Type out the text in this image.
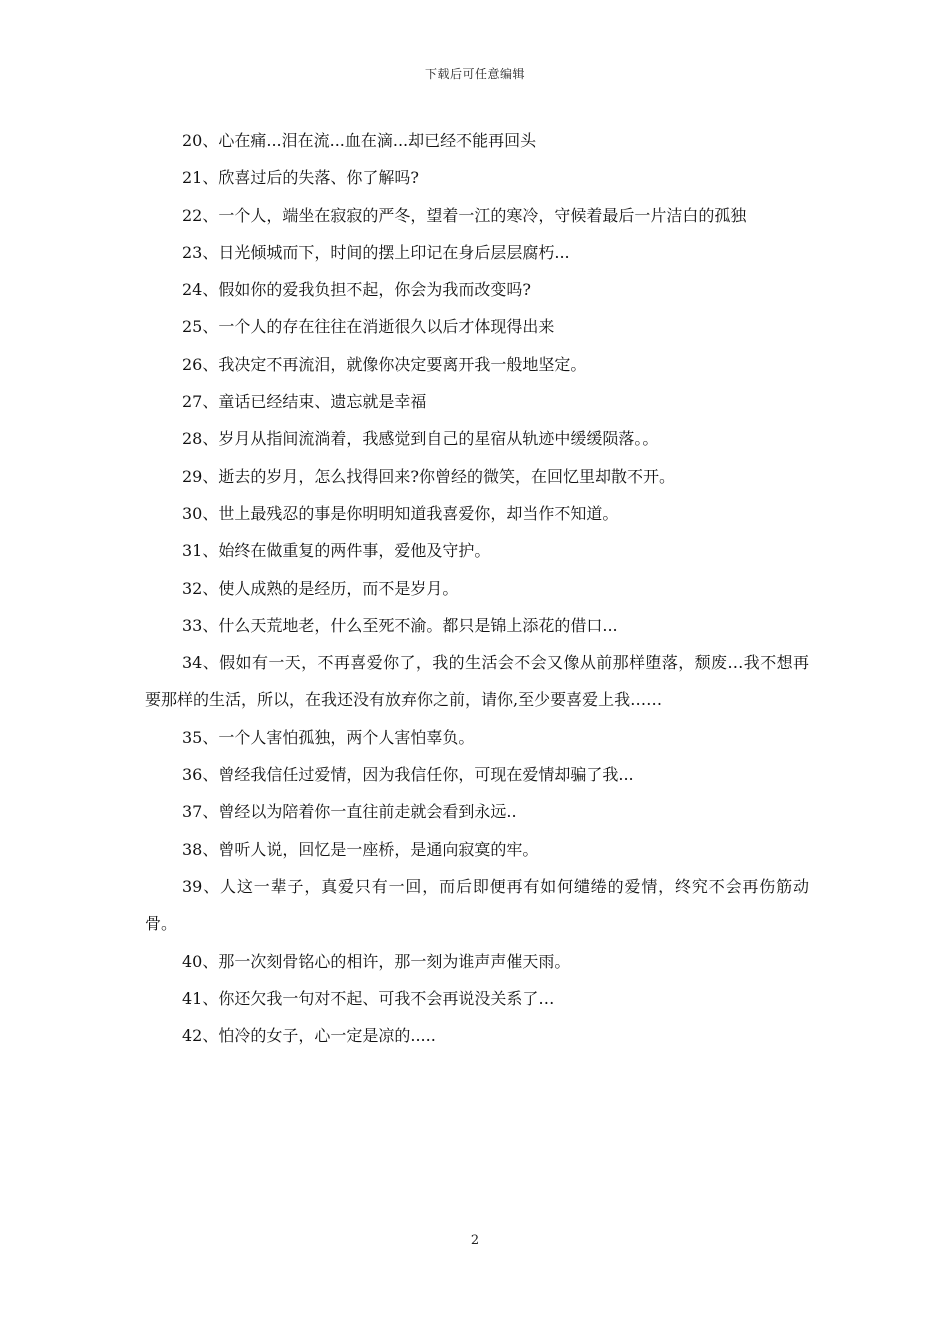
下载后可任意编辑

20、心在痛...泪在流...血在滴...却已经不能再回头

21、欣喜过后的失落、你了解吗?

22、一个人，端坐在寂寂的严冬，望着一江的寒冷，守候着最后一片洁白的孤独

23、日光倾城而下，时间的摆上印记在身后层层腐朽...

24、假如你的爱我负担不起，你会为我而改变吗?

25、一个人的存在往往在消逝很久以后才体现得出来

26、我决定不再流泪，就像你决定要离开我一般地坚定。

27、童话已经结束、遗忘就是幸福

28、岁月从指间流淌着，我感觉到自己的星宿从轨迹中缓缓陨落。。

29、逝去的岁月，怎么找得回来?你曾经的微笑，在回忆里却散不开。

30、世上最残忍的事是你明明知道我喜爱你，却当作不知道。

31、始终在做重复的两件事，爱他及守护。

32、使人成熟的是经历，而不是岁月。

33、什么天荒地老，什么至死不渝。都只是锦上添花的借口...

34、假如有一天，不再喜爱你了，我的生活会不会又像从前那样堕落，颓废…我不想再要那样的生活，所以，在我还没有放弃你之前，请你,至少要喜爱上我……

35、一个人害怕孤独，两个人害怕辜负。

36、曾经我信任过爱情，因为我信任你，可现在爱情却骗了我...

37、曾经以为陪着你一直往前走就会看到永远..

38、曾听人说，回忆是一座桥，是通向寂寞的牢。

39、人这一辈子，真爱只有一回，而后即便再有如何缱绻的爱情，终究不会再伤筋动骨。

40、那一次刻骨铭心的相许，那一刻为谁声声催天雨。

41、你还欠我一句对不起、可我不会再说没关系了…

42、怕冷的女子，心一定是凉的.....

2
